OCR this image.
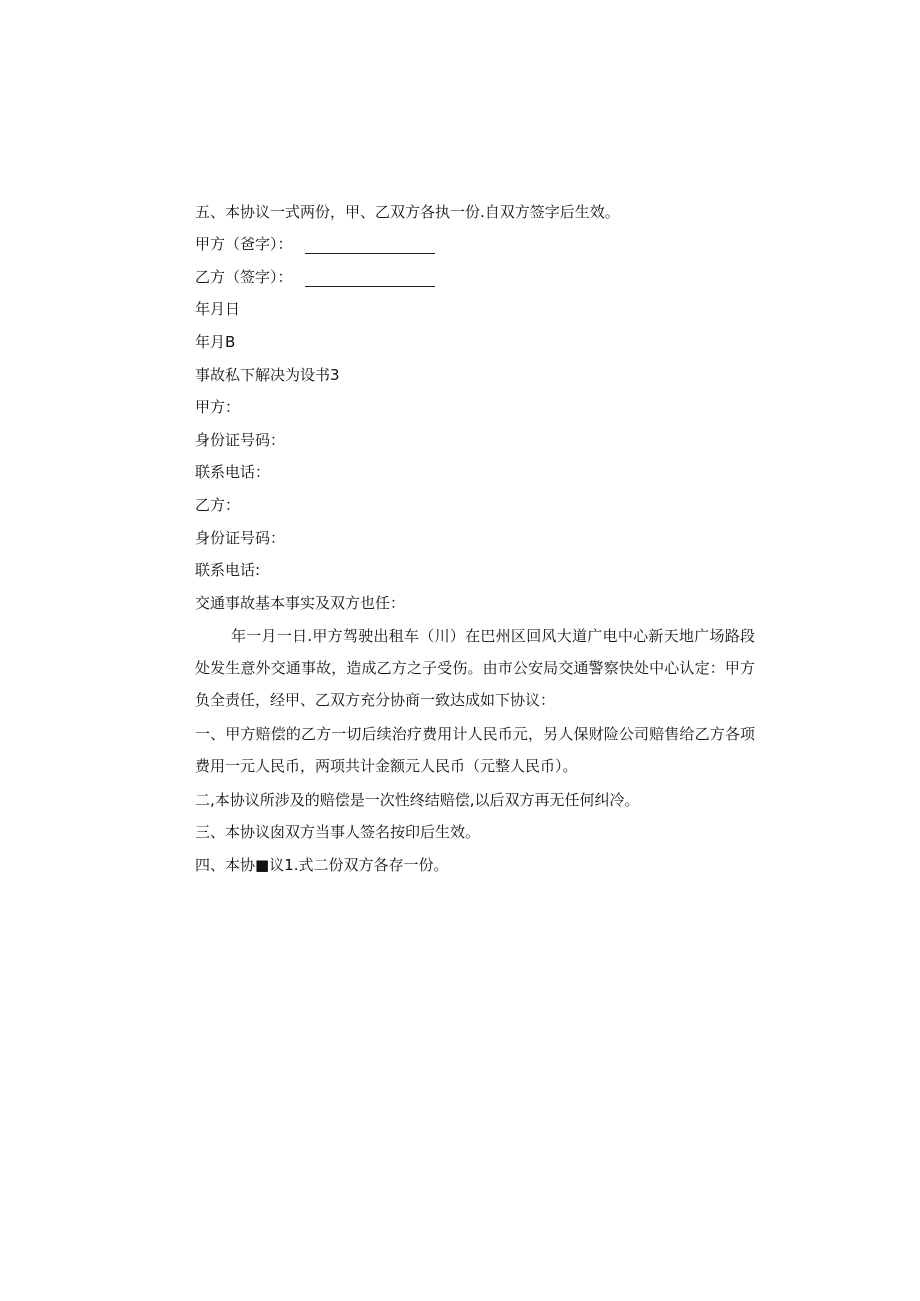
五、本协议一式两份，甲、乙双方各执一份.自双方签字后生效。
甲方（爸字）：
乙方（签字）：
年月日
年月B
事故私下解决为设书3
甲方：
身份证号码：
联系电话：
乙方：
身份证号码：
联系电话:
交通事故基本事实及双方也任：
年一月一日.甲方驾驶出租车（川）在巴州区回风大道广电中心新天地广场路段处发生意外交通事故，造成乙方之子受伤。由市公安局交通警察快处中心认定：甲方负全责任，经甲、乙双方充分协商一致达成如下协议：
一、甲方赔偿的乙方一切后续治疗费用计人民币元，另人保财险公司赔售给乙方各项费用一元人民币，两项共计金额元人民币（元整人民币）。
二,本协议所涉及的赔偿是一次性终结赔偿,以后双方再无任何纠冷。
三、本协议囱双方当事人签名按印后生效。
四、本协■议1.式二份双方各存一份。
